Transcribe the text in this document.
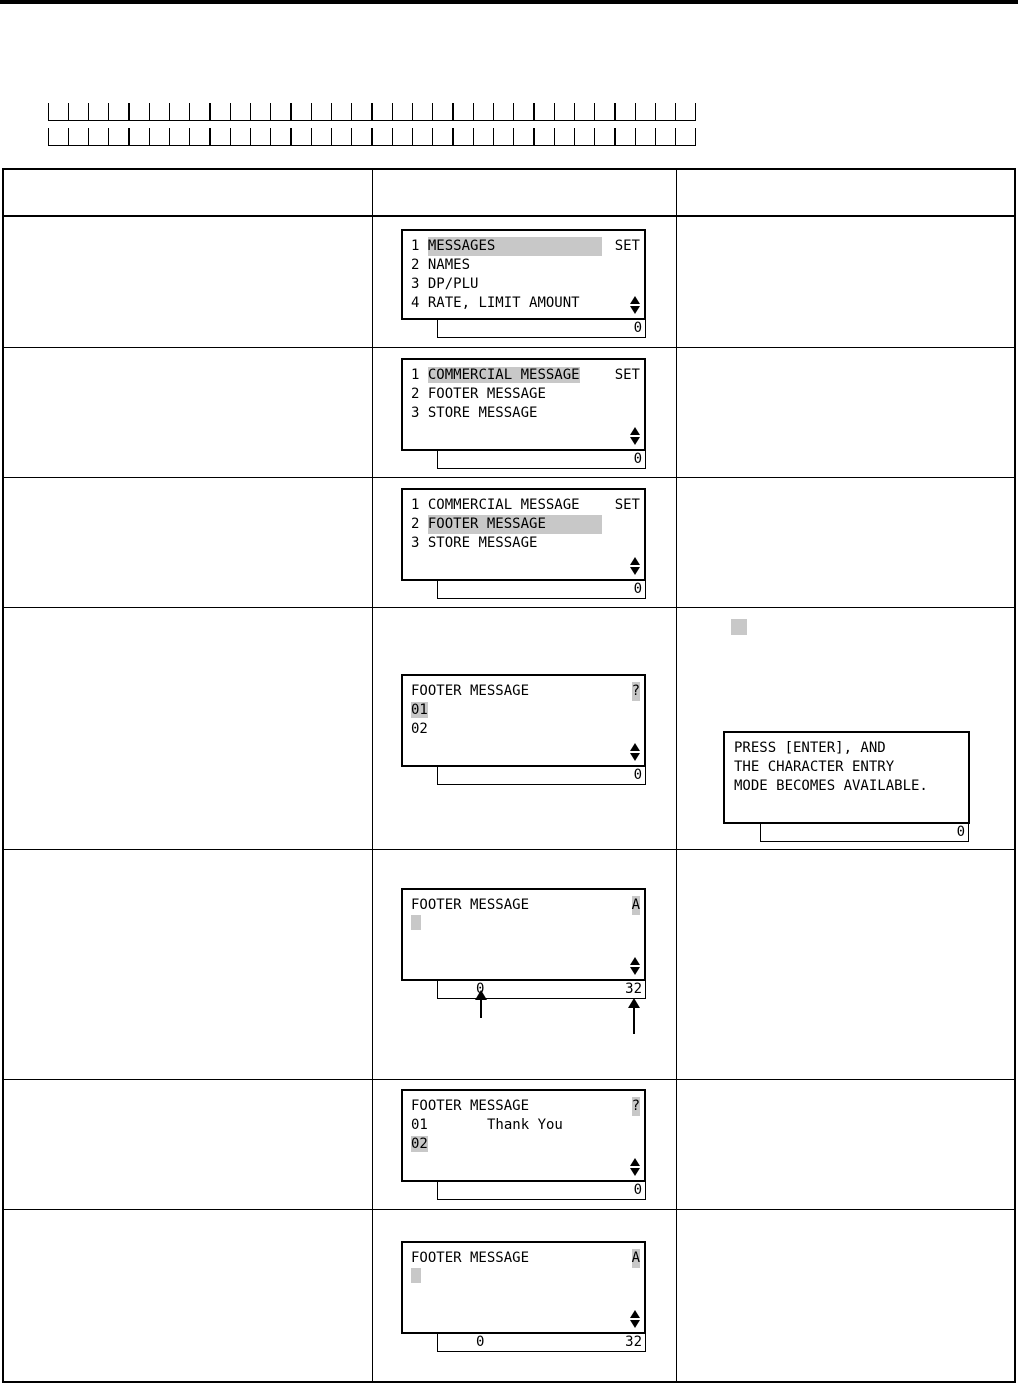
1 MESSAGES	SET
2 NAMES
3 DP/PLU
4 RATE, LIMIT AMOUNT
0
1 COMMERCIAL MESSAGE	SET
2 FOOTER MESSAGE
3 STORE MESSAGE
0
1 COMMERCIAL MESSAGE	SET
2 FOOTER MESSAGE
3 STORE MESSAGE
0
FOOTER MESSAGE	?
01
02
0
PRESS [ENTER], AND
THE CHARACTER ENTRY
MODE BECOMES AVAILABLE.
0
FOOTER MESSAGE	A
0	32
FOOTER MESSAGE	?
01	Thank You
02
0
FOOTER MESSAGE	A
0	32
